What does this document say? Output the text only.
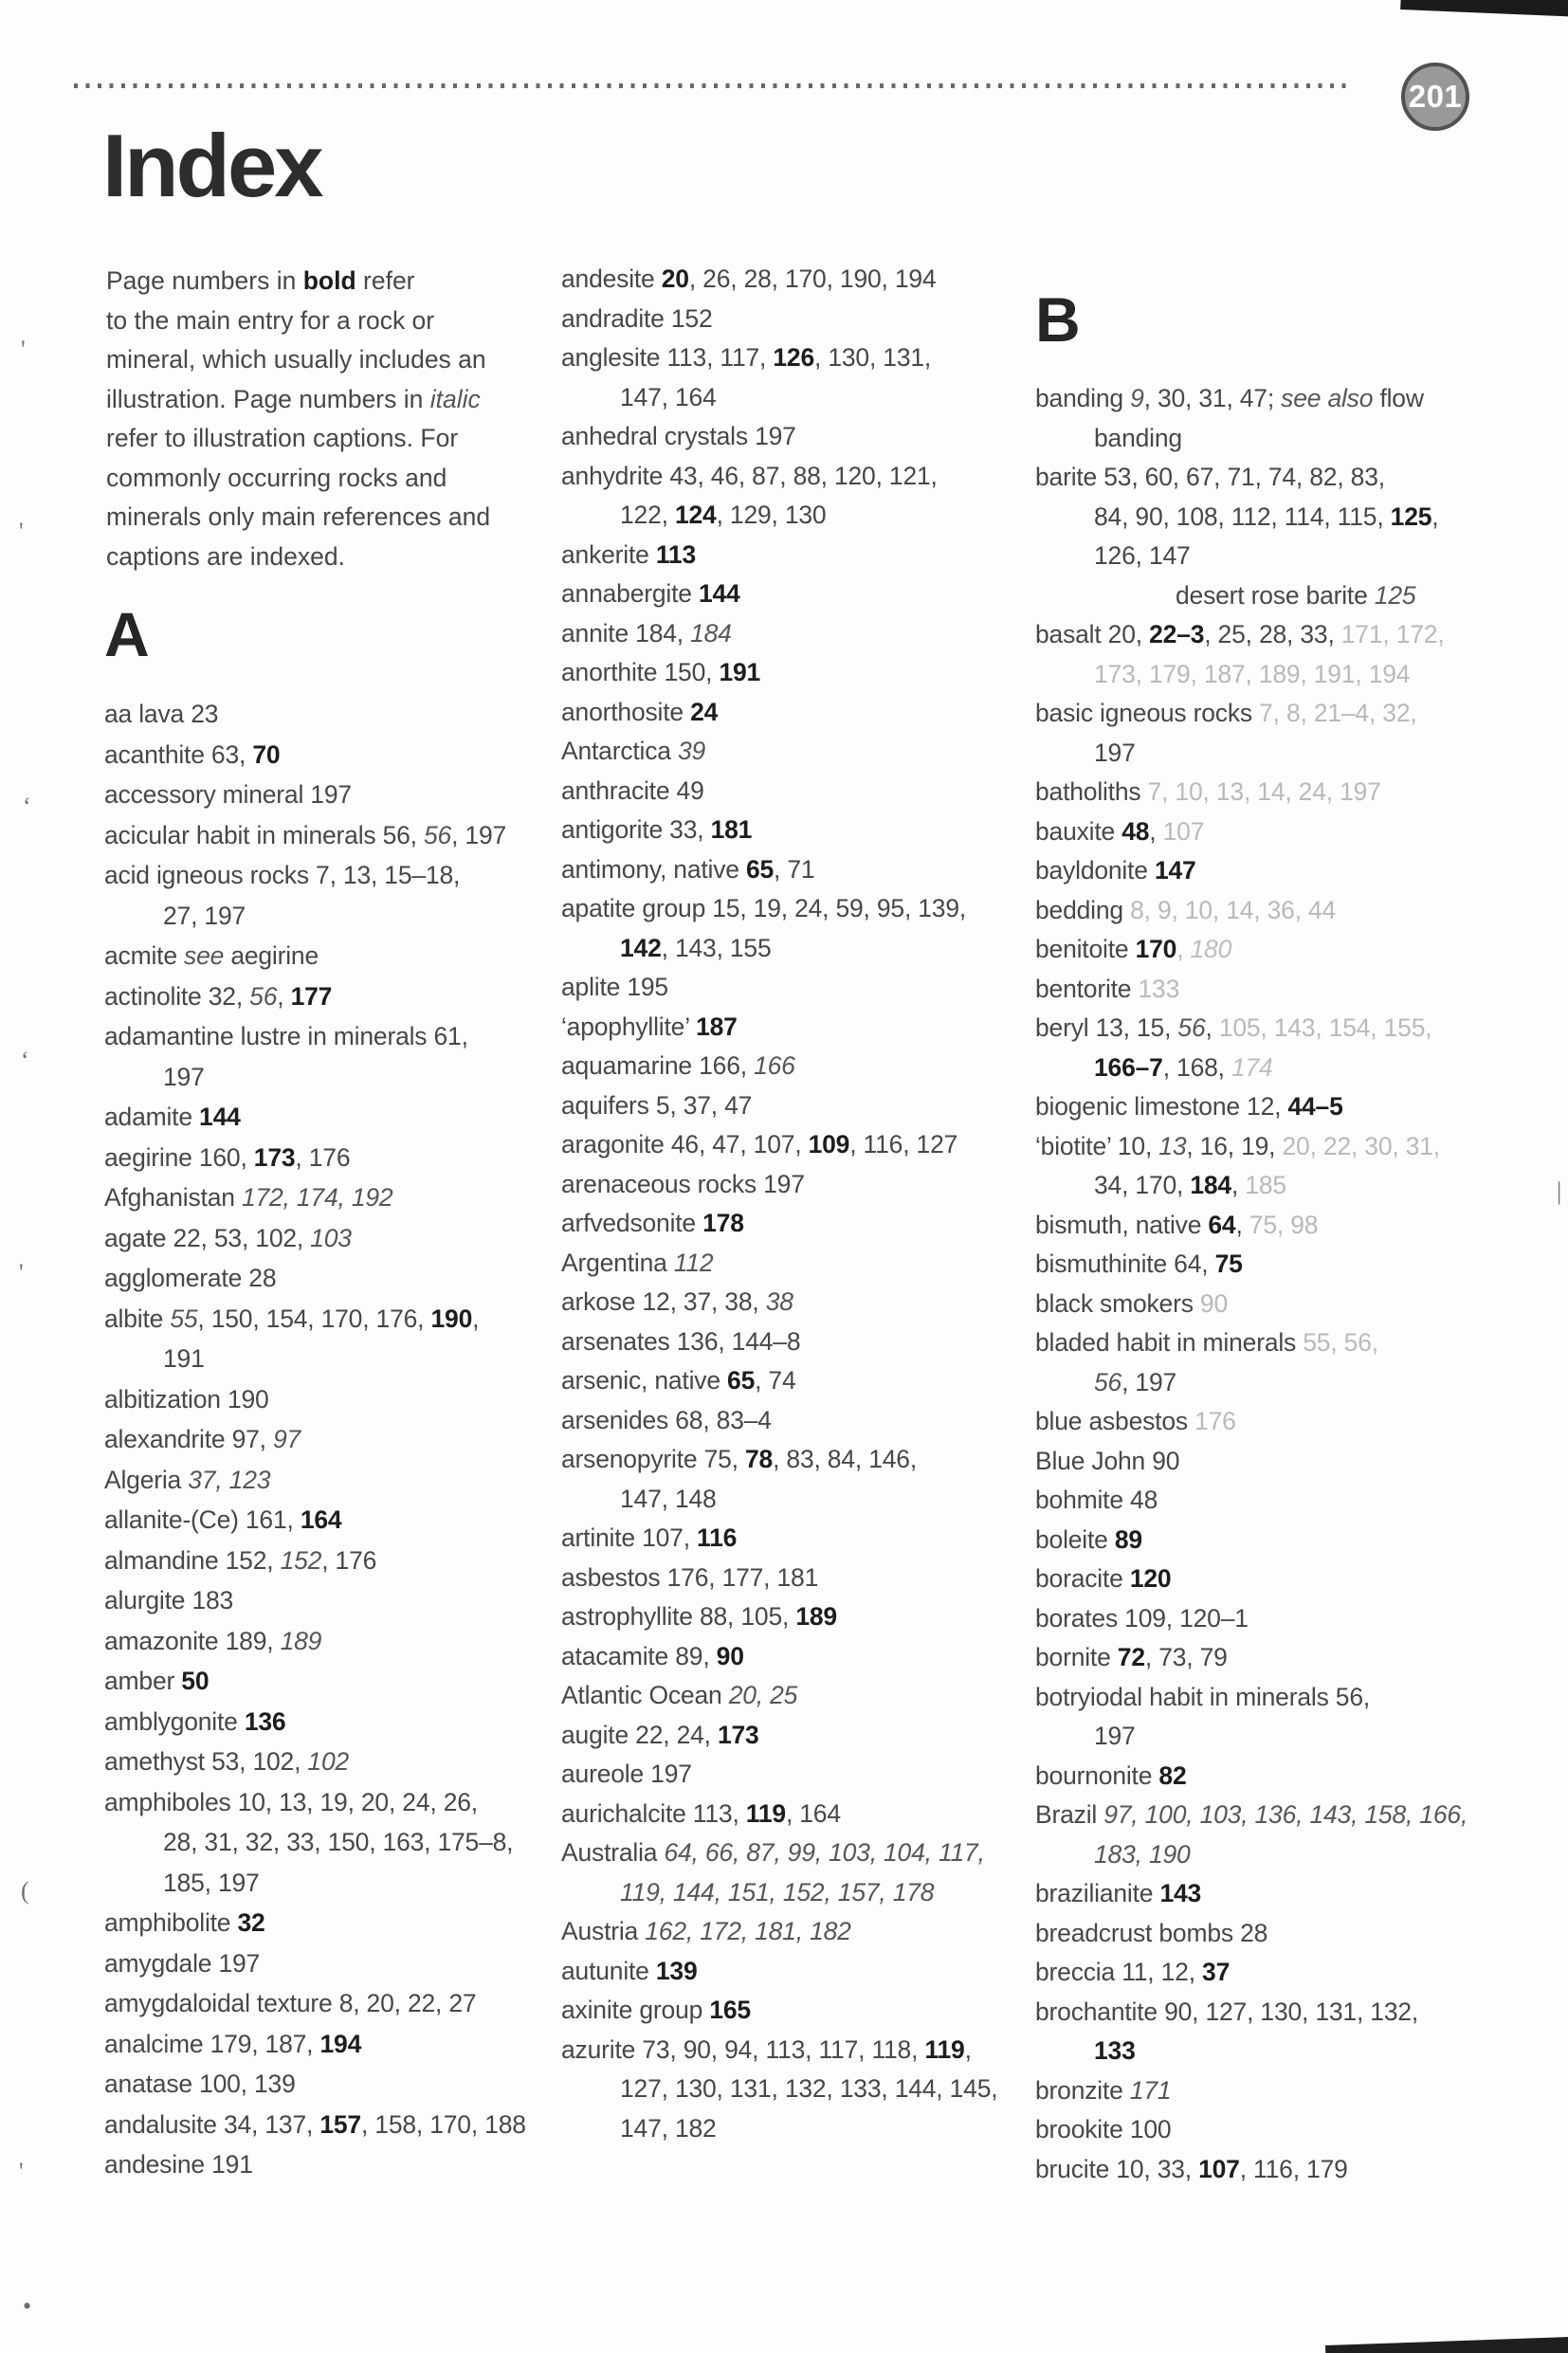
201
Index
Page numbers in bold refer
to the main entry for a rock or
mineral, which usually includes an
illustration. Page numbers in italic
refer to illustration captions. For
commonly occurring rocks and
minerals only main references and
captions are indexed.
A
aa lava 23
acanthite 63, 70
accessory mineral 197
acicular habit in minerals 56, 56, 197
acid igneous rocks 7, 13, 15–18,
27, 197
acmite see aegirine
actinolite 32, 56, 177
adamantine lustre in minerals 61,
197
adamite 144
aegirine 160, 173, 176
Afghanistan 172, 174, 192
agate 22, 53, 102, 103
agglomerate 28
albite 55, 150, 154, 170, 176, 190,
191
albitization 190
alexandrite 97, 97
Algeria 37, 123
allanite-(Ce) 161, 164
almandine 152, 152, 176
alurgite 183
amazonite 189, 189
amber 50
amblygonite 136
amethyst 53, 102, 102
amphiboles 10, 13, 19, 20, 24, 26,
28, 31, 32, 33, 150, 163, 175–8,
185, 197
amphibolite 32
amygdale 197
amygdaloidal texture 8, 20, 22, 27
analcime 179, 187, 194
anatase 100, 139
andalusite 34, 137, 157, 158, 170, 188
andesine 191
andesite 20, 26, 28, 170, 190, 194
andradite 152
anglesite 113, 117, 126, 130, 131,
147, 164
anhedral crystals 197
anhydrite 43, 46, 87, 88, 120, 121,
122, 124, 129, 130
ankerite 113
annabergite 144
annite 184, 184
anorthite 150, 191
anorthosite 24
Antarctica 39
anthracite 49
antigorite 33, 181
antimony, native 65, 71
apatite group 15, 19, 24, 59, 95, 139,
142, 143, 155
aplite 195
‘apophyllite’ 187
aquamarine 166, 166
aquifers 5, 37, 47
aragonite 46, 47, 107, 109, 116, 127
arenaceous rocks 197
arfvedsonite 178
Argentina 112
arkose 12, 37, 38, 38
arsenates 136, 144–8
arsenic, native 65, 74
arsenides 68, 83–4
arsenopyrite 75, 78, 83, 84, 146,
147, 148
artinite 107, 116
asbestos 176, 177, 181
astrophyllite 88, 105, 189
atacamite 89, 90
Atlantic Ocean 20, 25
augite 22, 24, 173
aureole 197
aurichalcite 113, 119, 164
Australia 64, 66, 87, 99, 103, 104, 117,
119, 144, 151, 152, 157, 178
Austria 162, 172, 181, 182
autunite 139
axinite group 165
azurite 73, 90, 94, 113, 117, 118, 119,
127, 130, 131, 132, 133, 144, 145,
147, 182
B
banding 9, 30, 31, 47; see also flow
banding
barite 53, 60, 67, 71, 74, 82, 83,
84, 90, 108, 112, 114, 115, 125,
126, 147
desert rose barite 125
basalt 20, 22–3, 25, 28, 33, 171, 172,
173, 179, 187, 189, 191, 194
basic igneous rocks 7, 8, 21–4, 32,
197
batholiths 7, 10, 13, 14, 24, 197
bauxite 48, 107
bayldonite 147
bedding 8, 9, 10, 14, 36, 44
benitoite 170, 180
bentorite 133
beryl 13, 15, 56, 105, 143, 154, 155,
166–7, 168, 174
biogenic limestone 12, 44–5
‘biotite’ 10, 13, 16, 19, 20, 22, 30, 31,
34, 170, 184, 185
bismuth, native 64, 75, 98
bismuthinite 64, 75
black smokers 90
bladed habit in minerals 55, 56,
56, 197
blue asbestos 176
Blue John 90
bohmite 48
boleite 89
boracite 120
borates 109, 120–1
bornite 72, 73, 79
botryiodal habit in minerals 56,
197
bournonite 82
Brazil 97, 100, 103, 136, 143, 158, 166,
183, 190
brazilianite 143
breadcrust bombs 28
breccia 11, 12, 37
brochantite 90, 127, 130, 131, 132,
133
bronzite 171
brookite 100
brucite 10, 33, 107, 116, 179
'
'
‘
‘
'
(
'
•
|
